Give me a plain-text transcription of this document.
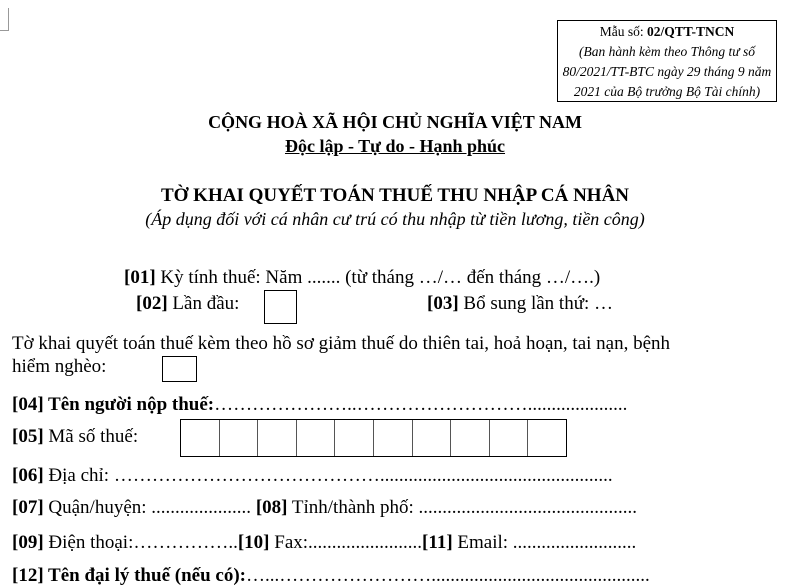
Mẫu số: 02/QTT-TNCN
(Ban hành kèm theo Thông tư số
80/2021/TT-BTC ngày 29 tháng 9 năm
2021 của Bộ trưởng Bộ Tài chính)
CỘNG HOÀ XÃ HỘI CHỦ NGHĨA VIỆT NAM
Độc lập - Tự do - Hạnh phúc
TỜ KHAI QUYẾT TOÁN THUẾ THU NHẬP CÁ NHÂN
(Áp dụng đối với cá nhân cư trú có thu nhập từ tiền lương, tiền công)
[01] Kỳ tính thuế: Năm ....... (từ tháng …/… đến tháng …/….)
[02] Lần đầu:	[03] Bổ sung lần thứ: …
Tờ khai quyết toán thuế kèm theo hồ sơ giảm thuế do thiên tai, hoả hoạn, tai nạn, bệnh
hiểm nghèo:
[04] Tên người nộp thuế:…………………..……………………….....................
[05] Mã số thuế:
[06] Địa chỉ: …………………………………….................................................
[07] Quận/huyện: ..................... [08] Tỉnh/thành phố: ..............................................
[09] Điện thoại:……………..[10] Fax:........................[11] Email: ..........................
[12] Tên đại lý thuế (nếu có):…...……………………..............................................
